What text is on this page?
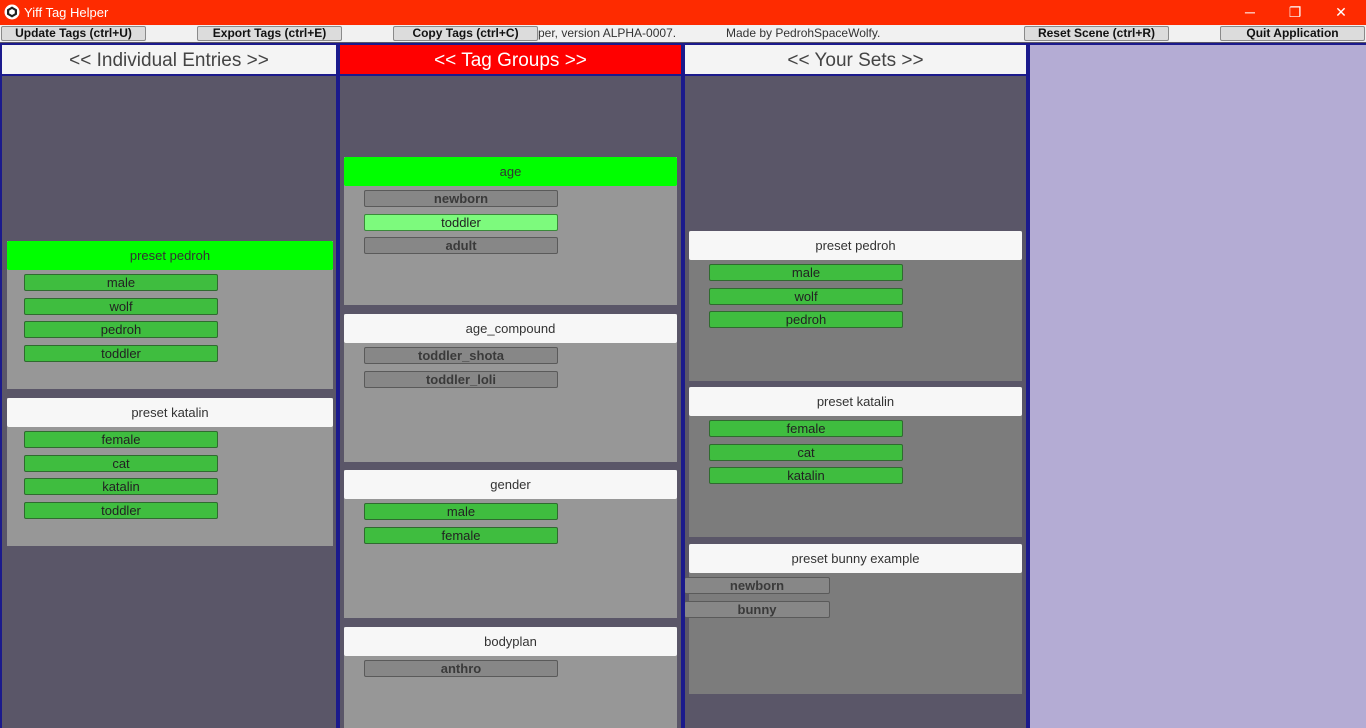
Yiff Tag Helper	─	❐	✕
per, version ALPHA-0007.	Made by PedrohSpaceWolfy.
Update Tags (ctrl+U)	Export Tags (ctrl+E)	Copy Tags (ctrl+C)	Reset Scene (ctrl+R)	Quit Application
<< Individual Entries >>
preset pedroh
male
wolf
pedroh
toddler
preset katalin
female
cat
katalin
toddler
<< Tag Groups >>
age
newborn
toddler
adult
age_compound
toddler_shota
toddler_loli
gender
male
female
bodyplan
anthro
<< Your Sets >>
preset pedroh
male
wolf
pedroh
preset katalin
female
cat
katalin
preset bunny example
newborn
bunny
